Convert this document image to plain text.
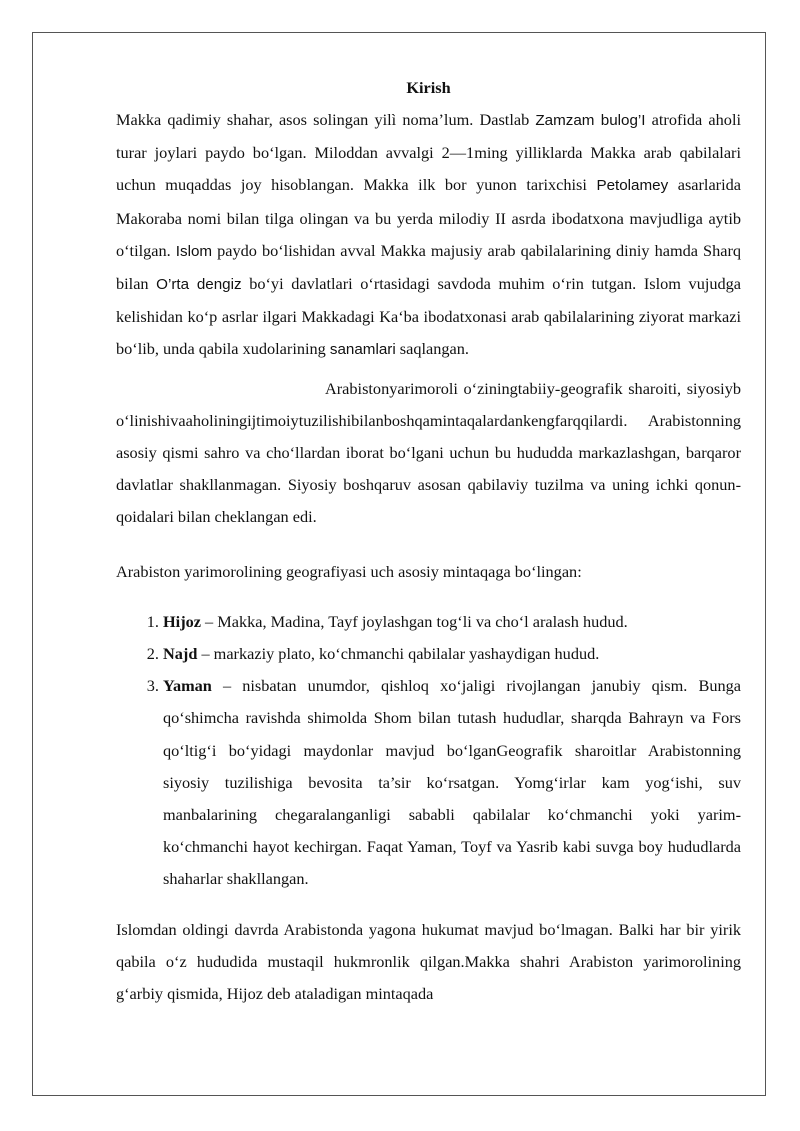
Kirish

Makka qadimiy shahar, asos solingan yilì noma’lum. Dastlab Zamzam bulog’I atrofida aholi turar joylari paydo bo‘lgan. Miloddan avvalgi 2—1ming yilliklarda Makka arab qabilalari uchun muqaddas joy hisoblangan. Makka ilk bor yunon tarixchisi Petolamey asarlarida Makoraba nomi bilan tilga olingan va bu yerda milodiy II asrda ibodatxona mavjudliga aytib o‘tilgan. Islom paydo bo‘lishidan avval Makka majusiy arab qabilalarining diniy hamda Sharq bilan O’rta dengiz bo‘yi davlatlari o‘rtasidagi savdoda muhim o‘rin tutgan. Islom vujudga kelishidan ko‘p asrlar ilgari Makkadagi Ka‘ba ibodatxonasi arab qabilalarining ziyorat markazi bo‘lib, unda qabila xudolarining sanamlari saqlangan.

Arabistonyarimoroli o‘ziningtabiiy-geografik sharoiti, siyosiybo‘linishivaaholiningijtimoiytuzilishibilanboshqamintaqalardankengfarqqilardi. Arabistonning asosiy qismi sahro va cho‘llardan iborat bo‘lgani uchun bu hududda markazlashgan, barqaror davlatlar shakllanmagan. Siyosiy boshqaruv asosan qabilaviy tuzilma va uning ichki qonun-qoidalari bilan cheklangan edi.

Arabiston yarimorolining geografiyasi uch asosiy mintaqaga bo‘lingan:

1. Hijoz – Makka, Madina, Tayf joylashgan tog‘li va cho‘l aralash hudud.
2. Najd – markaziy plato, ko‘chmanchi qabilalar yashaydigan hudud.
3. Yaman – nisbatan unumdor, qishloq xo‘jaligi rivojlangan janubiy qism. Bunga qo‘shimcha ravishda shimolda Shom bilan tutash hududlar, sharqda Bahrayn va Fors qo‘ltig‘i bo‘yidagi maydonlar mavjud bo‘lganGeografik sharoitlar Arabistonning siyosiy tuzilishiga bevosita ta’sir ko‘rsatgan. Yomg‘irlar kam yog‘ishi, suv manbalarining chegaralanganligi sababli qabilalar ko‘chmanchi yoki yarim-ko‘chmanchi hayot kechirgan. Faqat Yaman, Toyf va Yasrib kabi suvga boy hududlarda shaharlar shakllangan.

Islomdan oldingi davrda Arabistonda yagona hukumat mavjud bo‘lmagan. Balki har bir yirik qabila o‘z hududida mustaqil hukmronlik qilgan.Makka shahri Arabiston yarimorolining g‘arbiy qismida, Hijoz deb ataladigan mintaqada
